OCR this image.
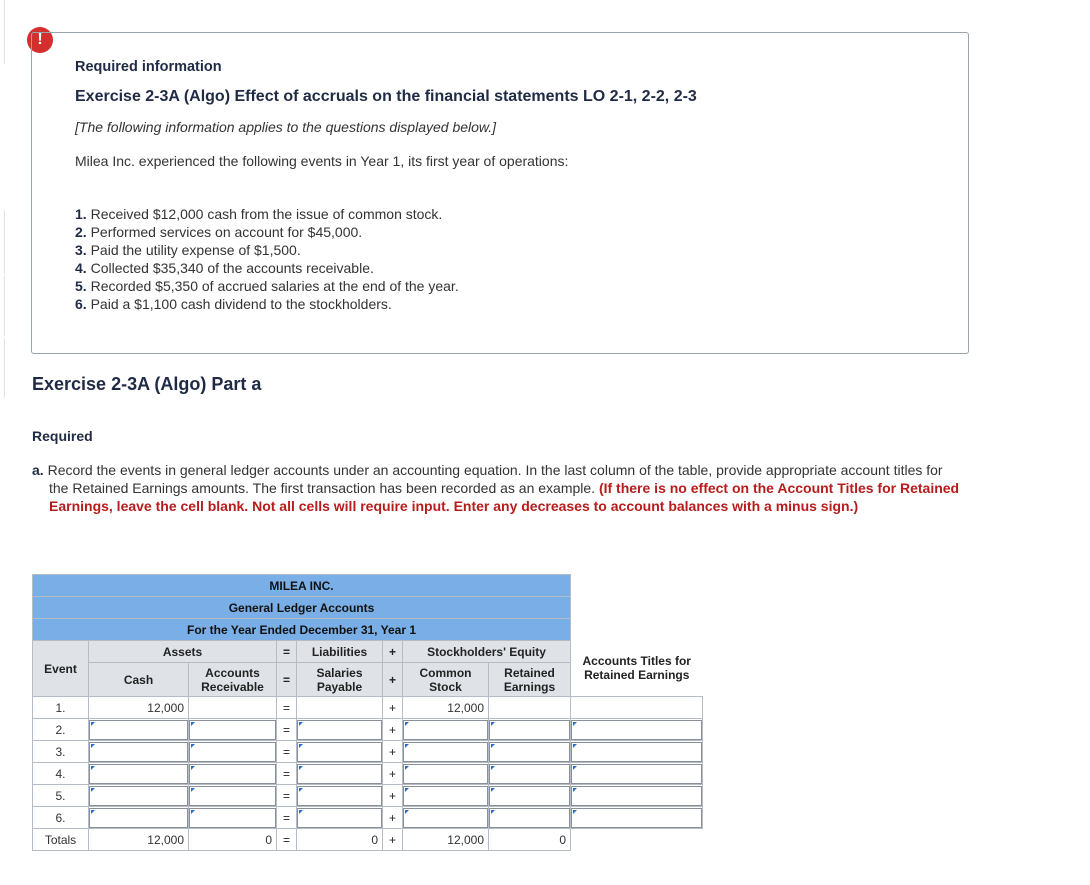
!
Required information
Exercise 2-3A (Algo) Effect of accruals on the financial statements LO 2-1, 2-2, 2-3
[The following information applies to the questions displayed below.]
Milea Inc. experienced the following events in Year 1, its first year of operations:
1. Received $12,000 cash from the issue of common stock.
2. Performed services on account for $45,000.
3. Paid the utility expense of $1,500.
4. Collected $35,340 of the accounts receivable.
5. Recorded $5,350 of accrued salaries at the end of the year.
6. Paid a $1,100 cash dividend to the stockholders.
Exercise 2-3A (Algo) Part a
Required
a. Record the events in general ledger accounts under an accounting equation. In the last column of the table, provide appropriate account titles for the Retained Earnings amounts. The first transaction has been recorded as an example. (If there is no effect on the Account Titles for Retained Earnings, leave the cell blank. Not all cells will require input. Enter any decreases to account balances with a minus sign.)
MILEA INC.								
General Ledger Accounts								
For the Year Ended December 31, Year 1								
Event	Assets		=	Liabilities	+	Stockholders' Equity		Accounts Titles for Retained Earnings
	Cash	Accounts Receivable	=	Salaries Payable	+	Common Stock	Retained Earnings	
1.	12,000		=		+	12,000		
2.			=		+	

3.			=		+	

4.			=		+	

5.			=		+	

6.			=		+	

Totals	12,000	0	=	0	+	12,000	0	
